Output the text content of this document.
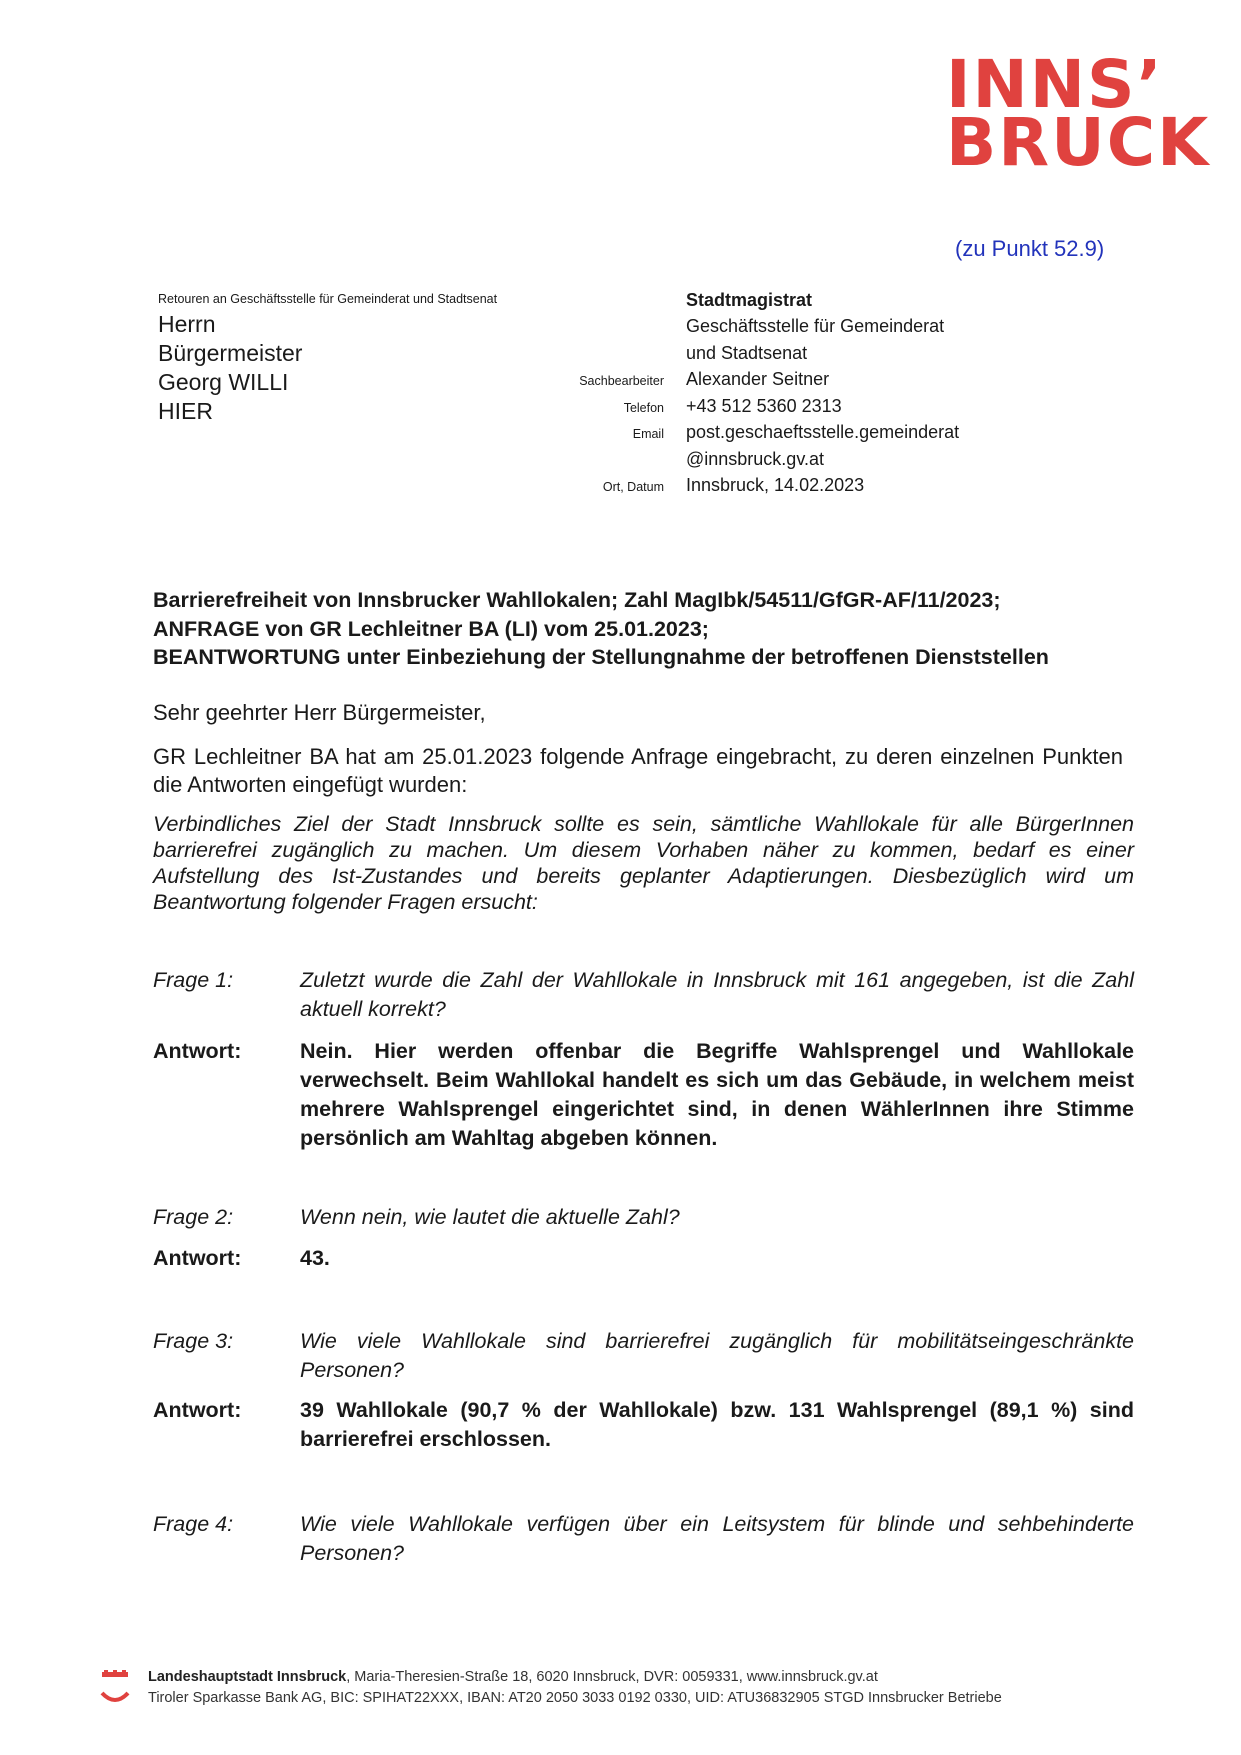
INNS’
BRUCK
(zu Punkt 52.9)
Retouren an Geschäftsstelle für Gemeinderat und Stadtsenat
Herrn
Bürgermeister
Georg WILLI
HIER
Stadtmagistrat
Geschäftsstelle für Gemeinderat
und Stadtsenat
Sachbearbeiter	Alexander Seitner
Telefon	+43 512 5360 2313
Email	post.geschaeftsstelle.gemeinderat
@innsbruck.gv.at
Ort, Datum	Innsbruck, 14.02.2023
Barrierefreiheit von Innsbrucker Wahllokalen; Zahl MagIbk/54511/GfGR-AF/11/2023;
ANFRAGE von GR Lechleitner BA (LI) vom 25.01.2023;
BEANTWORTUNG unter Einbeziehung der Stellungnahme der betroffenen Dienststellen
Sehr geehrter Herr Bürgermeister,
GR Lechleitner BA hat am 25.01.2023 folgende Anfrage eingebracht, zu deren einzelnen Punkten die Antworten eingefügt wurden:
Verbindliches Ziel der Stadt Innsbruck sollte es sein, sämtliche Wahllokale für alle BürgerInnen barrierefrei zugänglich zu machen. Um diesem Vorhaben näher zu kommen, bedarf es einer Aufstellung des Ist-Zustandes und bereits geplanter Adaptierungen. Diesbezüglich wird um Beantwortung folgender Fragen ersucht:
Frage 1:	Zuletzt wurde die Zahl der Wahllokale in Innsbruck mit 161 angegeben, ist die Zahl aktuell korrekt?
Antwort:	Nein. Hier werden offenbar die Begriffe Wahlsprengel und Wahllokale verwechselt. Beim Wahllokal handelt es sich um das Gebäude, in welchem meist mehrere Wahlsprengel eingerichtet sind, in denen WählerInnen ihre Stimme persönlich am Wahltag abgeben können.
Frage 2:	Wenn nein, wie lautet die aktuelle Zahl?
Antwort:	43.
Frage 3:	Wie viele Wahllokale sind barrierefrei zugänglich für mobilitätseingeschränkte Personen?
Antwort:	39 Wahllokale (90,7 % der Wahllokale) bzw. 131 Wahlsprengel (89,1 %) sind barrierefrei erschlossen.
Frage 4:	Wie viele Wahllokale verfügen über ein Leitsystem für blinde und sehbehinderte Personen?
Landeshauptstadt Innsbruck, Maria-Theresien-Straße 18, 6020 Innsbruck, DVR: 0059331, www.innsbruck.gv.at
Tiroler Sparkasse Bank AG, BIC: SPIHAT22XXX, IBAN: AT20 2050 3033 0192 0330, UID: ATU36832905 STGD Innsbrucker Betriebe
